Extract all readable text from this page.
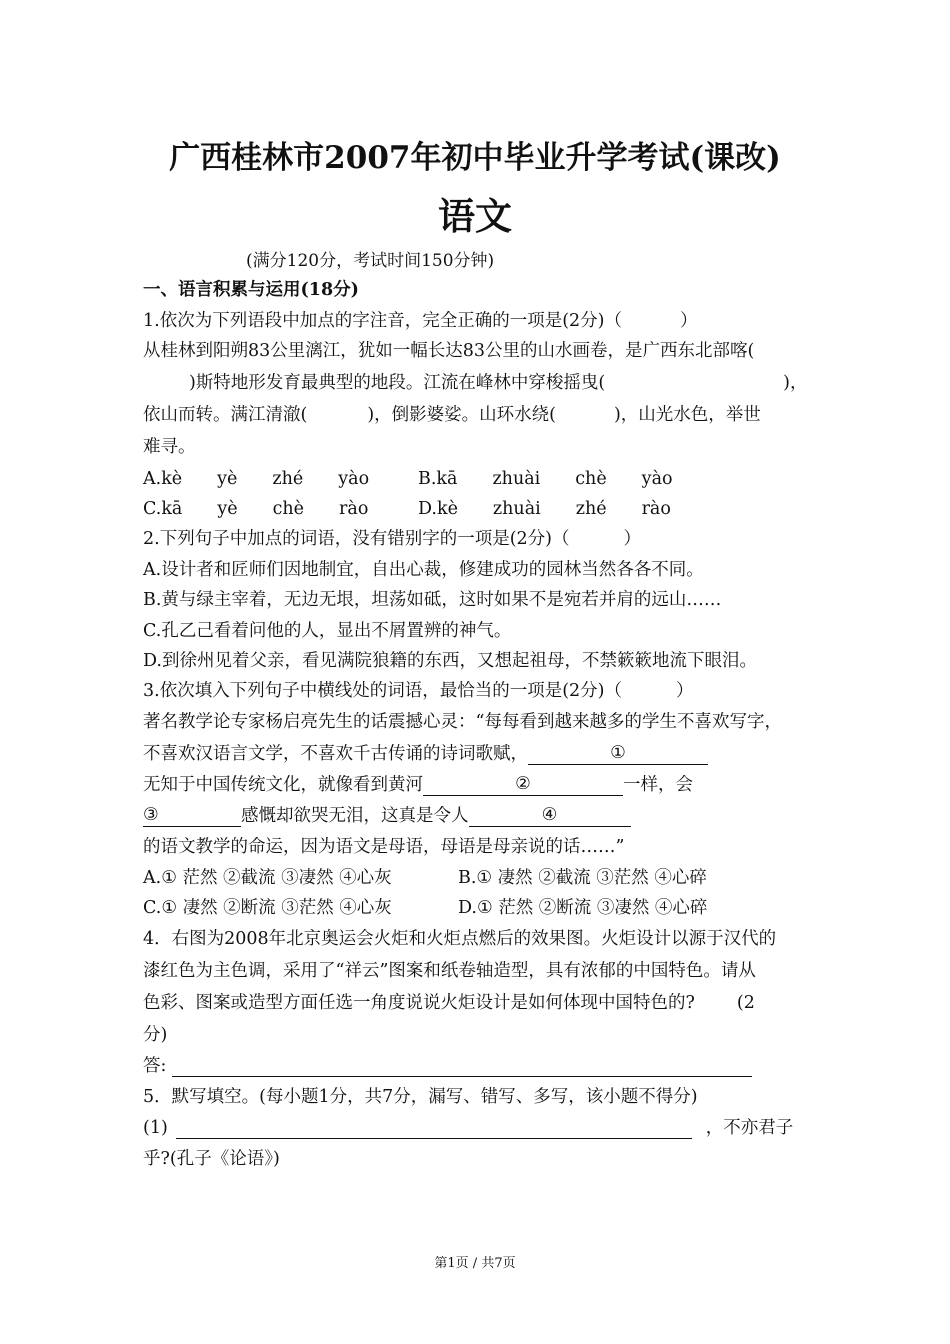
广西桂林市2007年初中毕业升学考试(课改)
语文
(满分120分，考试时间150分钟)
一、语言积累与运用(18分)
1.依次为下列语段中加点的字注音，完全正确的一项是(2分)（	）
从桂林到阳朔83公里漓江，犹如一幅长达83公里的山水画卷，是广西东北部喀(
)斯特地形发育最典型的地段。江流在峰林中穿梭摇曳(	)，
依山而转。满江清澈(	)，倒影婆娑。山环水绕(	)，山光水色，举世
难寻。
A.kè　　yè　　zhé　　yào	B.kā　　zhuài　　chè　　yào
C.kā　　yè　　chè　　rào	D.kè　　zhuài　　zhé　　rào
2.下列句子中加点的词语，没有错别字的一项是(2分)（	）
A.设计者和匠师们因地制宜，自出心裁，修建成功的园林当然各各不同。
B.黄与绿主宰着，无边无垠，坦荡如砥，这时如果不是宛若并肩的远山……
C.孔乙己看着问他的人，显出不屑置辨的神气。
D.到徐州见着父亲，看见满院狼籍的东西，又想起祖母，不禁簌簌地流下眼泪。
3.依次填入下列句子中横线处的词语，最恰当的一项是(2分)（	）
著名教学论专家杨启亮先生的话震撼心灵：“每每看到越来越多的学生不喜欢写字，
不喜欢汉语言文学，不喜欢千古传诵的诗词歌赋，	①
无知于中国传统文化，就像看到黄河	②	一样，会
③	感慨却欲哭无泪，这真是令人	④
的语文教学的命运，因为语文是母语，母语是母亲说的话……”
A.① 茫然 ②截流 ③凄然 ④心灰	B.① 凄然 ②截流 ③茫然 ④心碎
C.① 凄然 ②断流 ③茫然 ④心灰	D.① 茫然 ②断流 ③凄然 ④心碎
4．右图为2008年北京奥运会火炬和火炬点燃后的效果图。火炬设计以源于汉代的
漆红色为主色调，采用了“祥云”图案和纸卷轴造型，具有浓郁的中国特色。请从
色彩、图案或造型方面任选一角度说说火炬设计是如何体现中国特色的? (2
分)
答:
5．默写填空。(每小题1分，共7分，漏写、错写、多写，该小题不得分)
(1)	，不亦君子
乎?(孔子《论语》)
第1页 / 共7页
